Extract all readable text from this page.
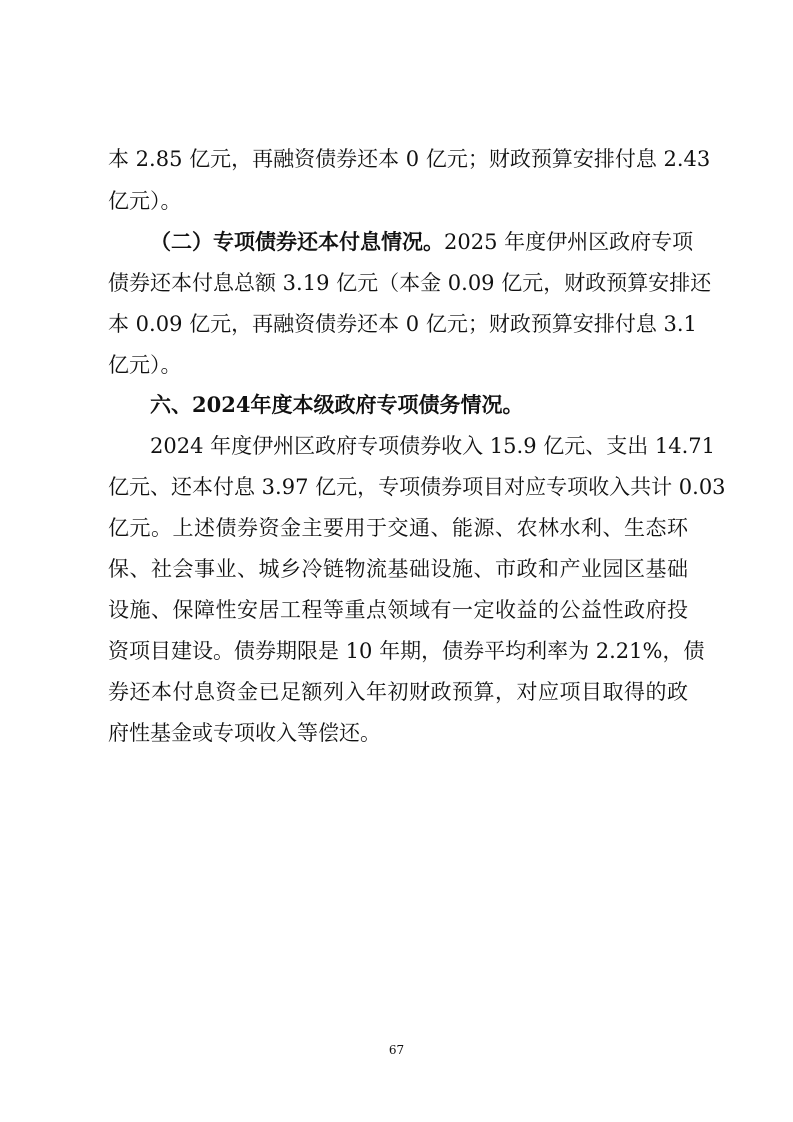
本 2.85 亿元，再融资债券还本 0 亿元；财政预算安排付息 2.43
亿元）。
（二）专项债券还本付息情况。2025 年度伊州区政府专项
债券还本付息总额 3.19 亿元（本金 0.09 亿元，财政预算安排还
本 0.09 亿元，再融资债券还本 0 亿元；财政预算安排付息 3.1
亿元）。
六、2024年度本级政府专项债务情况。
2024 年度伊州区政府专项债券收入 15.9 亿元、支出 14.71
亿元、还本付息 3.97 亿元，专项债券项目对应专项收入共计 0.03
亿元。上述债券资金主要用于交通、能源、农林水利、生态环
保、社会事业、城乡冷链物流基础设施、市政和产业园区基础
设施、保障性安居工程等重点领域有一定收益的公益性政府投
资项目建设。债券期限是 10 年期，债券平均利率为 2.21%，债
券还本付息资金已足额列入年初财政预算，对应项目取得的政
府性基金或专项收入等偿还。
67
